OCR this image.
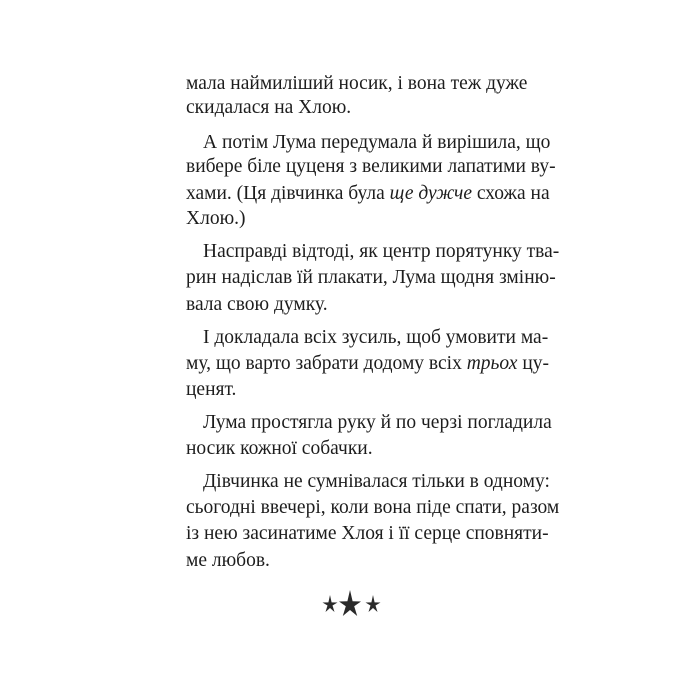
мала наймиліший носик, і вона теж дуже
скидалася на Хлою.
А потім Лума передумала й вирішила, що
вибере біле цуценя з великими лапатими ву-
хами. (Ця дівчинка була ще дужче схожа на
Хлою.)
Насправді відтоді, як центр порятунку тва-
рин надіслав їй плакати, Лума щодня зміню-
вала свою думку.
І докладала всіх зусиль, щоб умовити ма-
му, що варто забрати додому всіх трьох цу-
ценят.
Лума простягла руку й по черзі погладила
носик кожної собачки.
Дівчинка не сумнівалася тільки в одному:
сьогодні ввечері, коли вона піде спати, разом
із нею засинатиме Хлоя і її серце сповняти-
ме любов.
